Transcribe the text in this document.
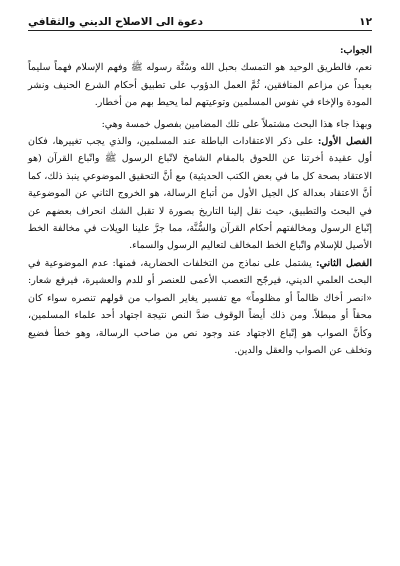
١٢
دعوة الى الاصلاح الديني والثقافي

الجواب:

نعم، فالطريق الوحيد هو التمسك بحبل الله وسُنَّة رسوله ﷺ وفهم الإسلام فهماً سليماً بعيداً عن مزاعم المنافقين، ثُمَّ العمل الدؤوب على تطبيق أحكام الشرع الحنيف ونشر المودة والإخاء في نفوس المسلمين وتوعيتهم لما يحيط بهم من أخطار.

وبهذا جاء هذا البحث مشتملاً على تلك المضامين بفصول خمسة وهي:

الفصل الأول: على ذكر الاعتقادات الباطلة عند المسلمين، والذي يجب تغييرها، فكان أول عقيدة أخرتنا عن اللحوق بالمقام الشامخ لاتّباع الرسول ﷺ واتّباع القرآن (هو الاعتقاد بصحة كل ما في بعض الكتب الحديثية) مع أنَّ التحقيق الموضوعي ينبذ ذلك، كما أنَّ الاعتقاد بعدالة كل الجيل الأول من أتباع الرسالة، هو الخروج الثاني عن الموضوعية في البحث والتطبيق، حيث نقل إلينا التاريخ بصورة لا تقبل الشك انحراف بعضهم عن إتّباع الرسول ومخالفتهم أحكام القرآن والسُّنَّة، مما جرَّ علينا الويلات في مخالفة الخط الأصيل للإسلام واتّباع الخط المخالف لتعاليم الرسول والسماء.

الفصل الثاني: يشتمل على نماذج من التخلفات الحضارية، فمنها: عدم الموضوعية في البحث العلمي الديني، فيرجّح التعصب الأعمى للعنصر أو للدم والعشيرة، فيرفع شعار: «انصر أخاك ظالماً أو مظلوماً» مع تفسير يغاير الصواب من قولهم تنصره سواء كان محقاً أو مبطلاً. ومن ذلك أيضاً الوقوف ضدَّ النص نتيجة اجتهاد أحد علماء المسلمين، وكأنَّ الصواب هو إتّباع الاجتهاد عند وجود نص من صاحب الرسالة، وهو خطأ فضيع وتخلف عن الصواب والعقل والدين.
